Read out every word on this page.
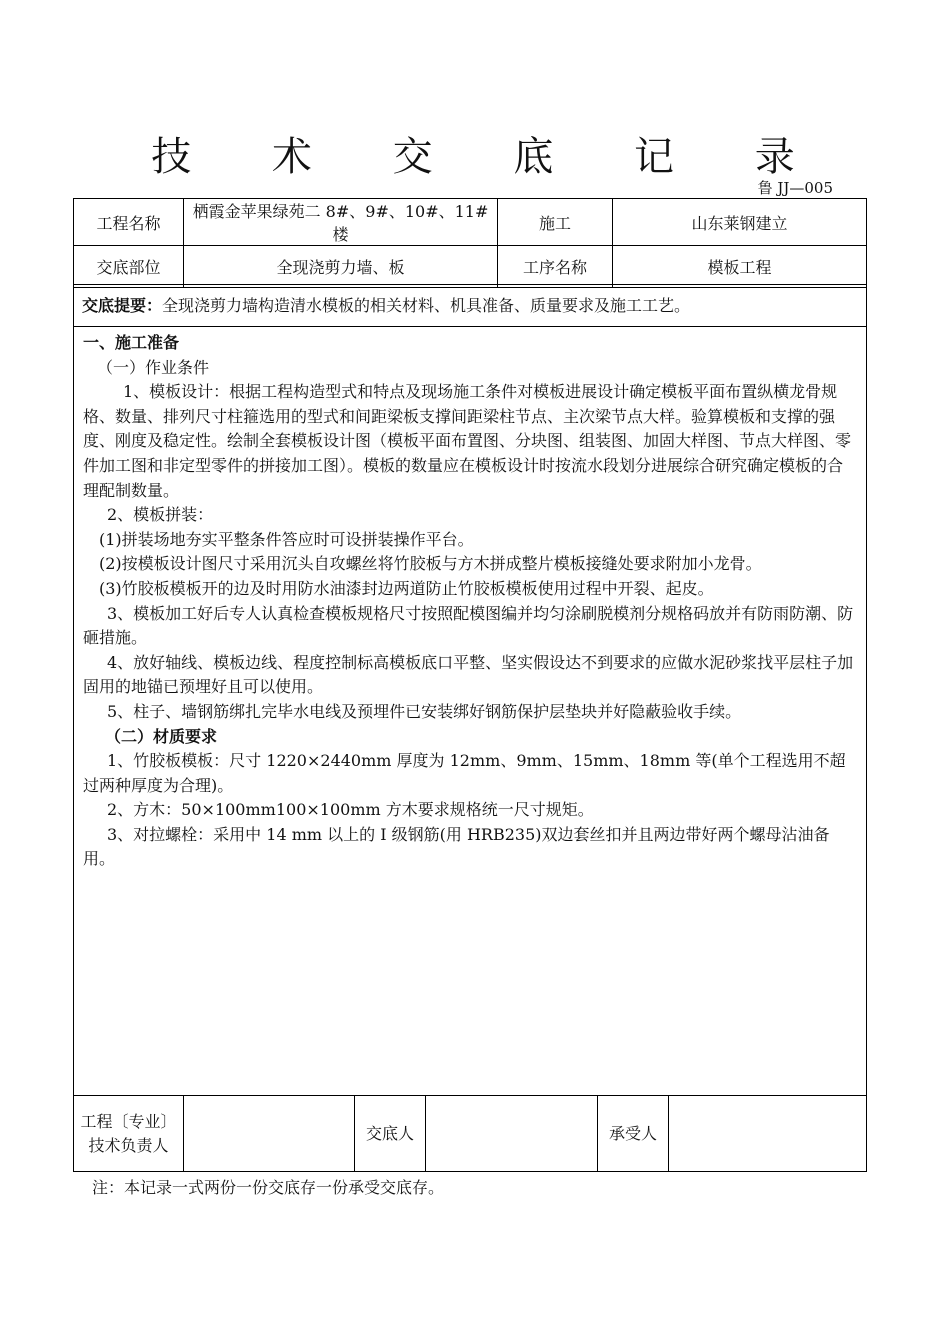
技 术 交 底 记 录
鲁 JJ—005
工程名称	栖霞金苹果绿苑二 8#、9#、10#、11#楼	施工	山东莱钢建立
交底部位	全现浇剪力墙、板	工序名称	模板工程
交底提要：全现浇剪力墙构造清水模板的相关材料、机具准备、质量要求及施工工艺。

一、施工准备

（一）作业条件

1、模板设计：根据工程构造型式和特点及现场施工条件对模板进展设计确定模板平面布置纵横龙骨规格、数量、排列尺寸柱箍选用的型式和间距梁板支撑间距梁柱节点、主次梁节点大样。验算模板和支撑的强度、刚度及稳定性。绘制全套模板设计图（模板平面布置图、分块图、组装图、加固大样图、节点大样图、零件加工图和非定型零件的拼接加工图）。模板的数量应在模板设计时按流水段划分进展综合研究确定模板的合理配制数量。

2、模板拼装：

(1)拼装场地夯实平整条件答应时可设拼装操作平台。

(2)按模板设计图尺寸采用沉头自攻螺丝将竹胶板与方木拼成整片模板接缝处要求附加小龙骨。

(3)竹胶板模板开的边及时用防水油漆封边两道防止竹胶板模板使用过程中开裂、起皮。

3、模板加工好后专人认真检查模板规格尺寸按照配模图编并均匀涂刷脱模剂分规格码放并有防雨防潮、防砸措施。

4、放好轴线、模板边线、程度控制标高模板底口平整、坚实假设达不到要求的应做水泥砂浆找平层柱子加固用的地锚已预埋好且可以使用。

5、柱子、墙钢筋绑扎完毕水电线及预埋件已安装绑好钢筋保护层垫块并好隐蔽验收手续。

（二）材质要求

1、竹胶板模板：尺寸 1220×2440mm 厚度为 12mm、9mm、15mm、18mm 等(单个工程选用不超过两种厚度为合理)。

2、方木：50×100mm100×100mm 方木要求规格统一尺寸规矩。

3、对拉螺栓：采用中 14 mm 以上的 I 级钢筋(用 HRB235)双边套丝扣并且两边带好两个螺母沾油备用。

工程〔专业〕技术负责人		交底人		承受人	
注：本记录一式两份一份交底存一份承受交底存。
